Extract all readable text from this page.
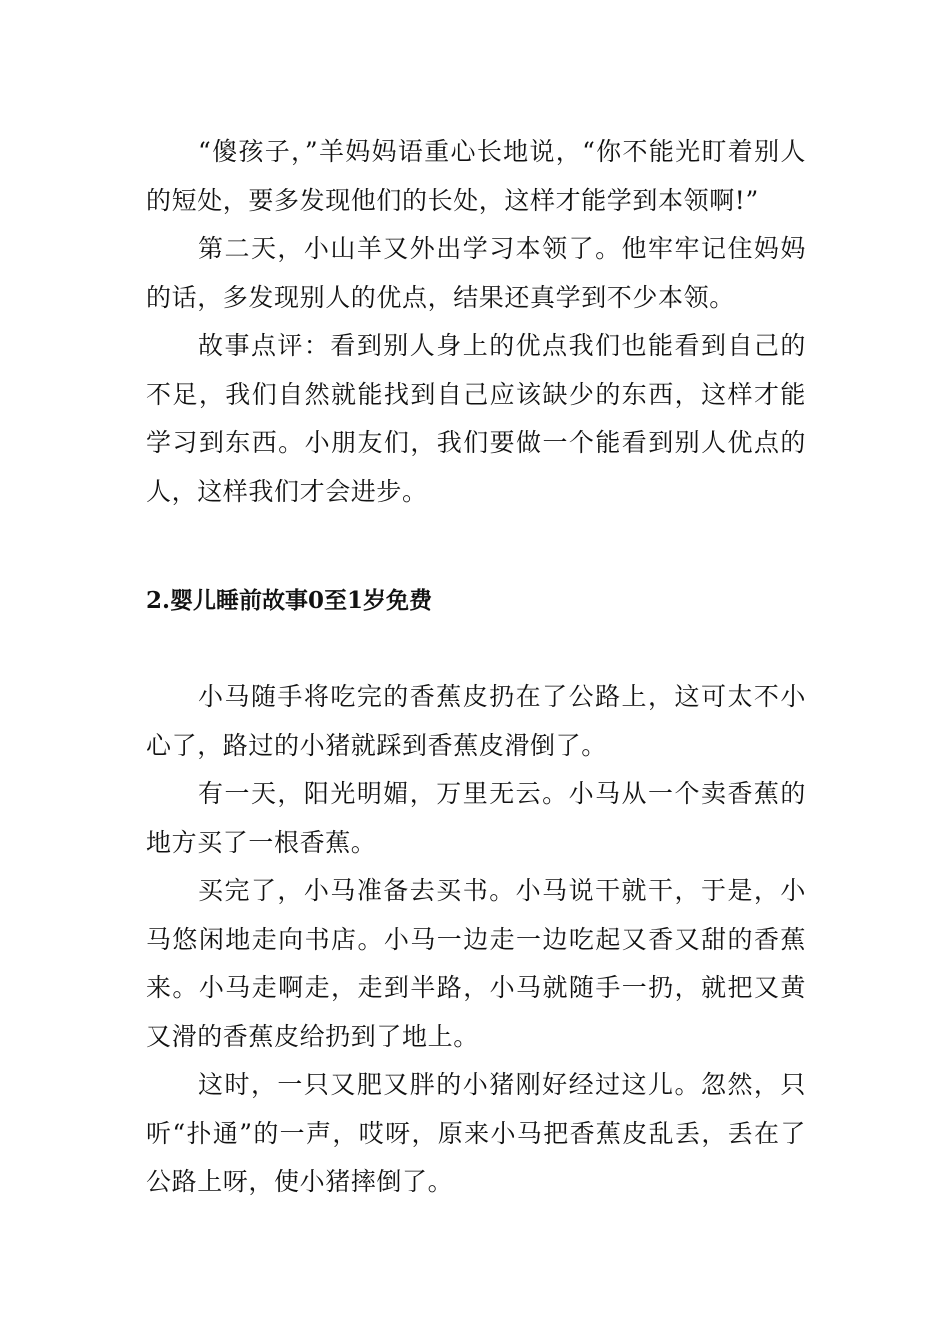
“傻孩子，”羊妈妈语重心长地说，“你不能光盯着别人的短处，要多发现他们的长处，这样才能学到本领啊!”

第二天，小山羊又外出学习本领了。他牢牢记住妈妈的话，多发现别人的优点，结果还真学到不少本领。

故事点评：看到别人身上的优点我们也能看到自己的不足，我们自然就能找到自己应该缺少的东西，这样才能学习到东西。小朋友们，我们要做一个能看到别人优点的人，这样我们才会进步。

2.婴儿睡前故事0至1岁免费

小马随手将吃完的香蕉皮扔在了公路上，这可太不小心了，路过的小猪就踩到香蕉皮滑倒了。

有一天，阳光明媚，万里无云。小马从一个卖香蕉的地方买了一根香蕉。

买完了，小马准备去买书。小马说干就干，于是，小马悠闲地走向书店。小马一边走一边吃起又香又甜的香蕉来。小马走啊走，走到半路，小马就随手一扔，就把又黄又滑的香蕉皮给扔到了地上。

这时，一只又肥又胖的小猪刚好经过这儿。忽然，只听“扑通”的一声，哎呀，原来小马把香蕉皮乱丢，丢在了公路上呀，使小猪摔倒了。
